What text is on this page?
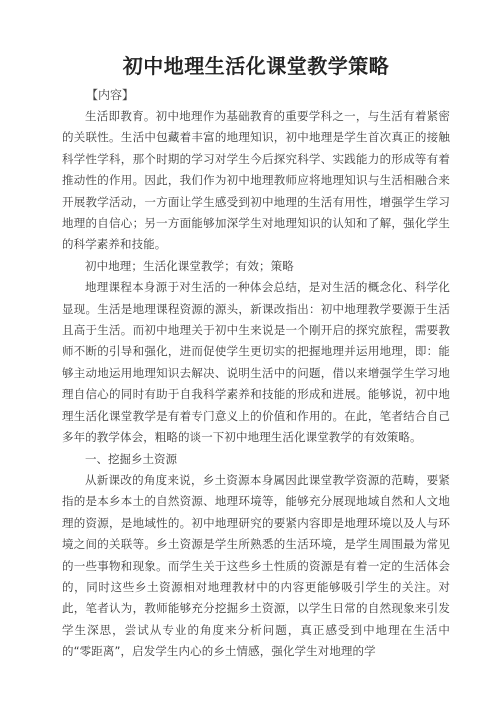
初中地理生活化课堂教学策略
【内容】

生活即教育。初中地理作为基础教育的重要学科之一，与生活有着紧密的关联性。生活中包藏着丰富的地理知识，初中地理是学生首次真正的接触科学性学科，那个时期的学习对学生今后探究科学、实践能力的形成等有着推动性的作用。因此，我们作为初中地理教师应将地理知识与生活相融合来开展教学活动，一方面让学生感受到初中地理的生活有用性，增强学生学习地理的自信心；另一方面能够加深学生对地理知识的认知和了解，强化学生的科学素养和技能。

初中地理；生活化课堂教学；有效；策略

地理课程本身源于对生活的一种体会总结，是对生活的概念化、科学化显现。生活是地理课程资源的源头，新课改指出：初中地理教学要源于生活且高于生活。而初中地理关于初中生来说是一个刚开启的探究旅程，需要教师不断的引导和强化，进而促使学生更切实的把握地理并运用地理，即：能够主动地运用地理知识去解决、说明生活中的问题，借以来增强学生学习地理自信心的同时有助于自我科学素养和技能的形成和进展。能够说，初中地理生活化课堂教学是有着专门意义上的价值和作用的。在此，笔者结合自己多年的教学体会，粗略的谈一下初中地理生活化课堂教学的有效策略。

一、挖掘乡土资源

从新课改的角度来说，乡土资源本身属因此课堂教学资源的范畴，要紧指的是本乡本土的自然资源、地理环境等，能够充分展现地域自然和人文地理的资源，是地域性的。初中地理研究的要紧内容即是地理环境以及人与环境之间的关联等。乡土资源是学生所熟悉的生活环境，是学生周围最为常见的一些事物和现象。而学生关于这些乡土性质的资源是有着一定的生活体会的，同时这些乡土资源相对地理教材中的内容更能够吸引学生的关注。对此，笔者认为，教师能够充分挖掘乡土资源，以学生日常的自然现象来引发学生深思，尝试从专业的角度来分析问题，真正感受到中地理在生活中的“零距离”，启发学生内心的乡土情感，强化学生对地理的学
